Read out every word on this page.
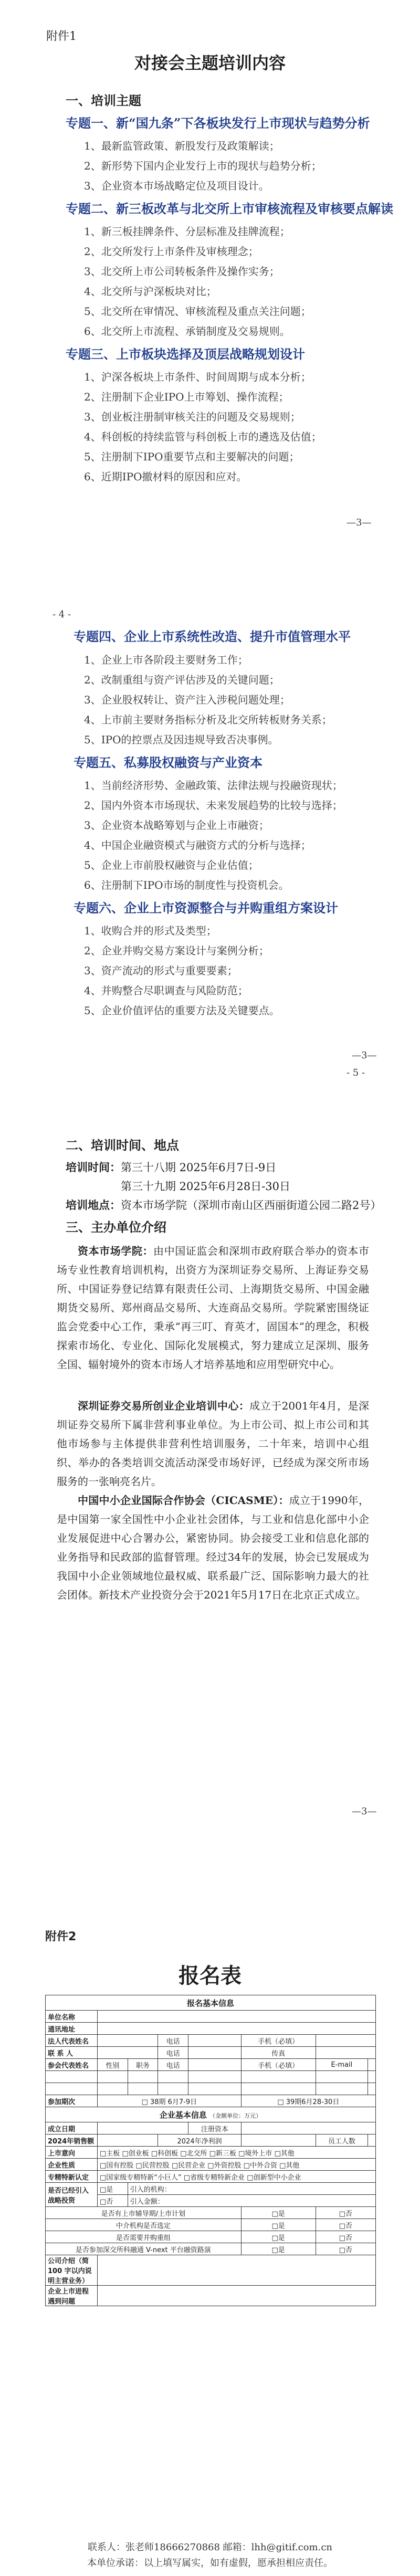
附件1
对接会主题培训内容
一、培训主题
专题一、新“国九条”下各板块发行上市现状与趋势分析
1、最新监管政策、新股发行及政策解读；
2、新形势下国内企业发行上市的现状与趋势分析；
3、企业资本市场战略定位及项目设计。
专题二、新三板改革与北交所上市审核流程及审核要点解读
1、新三板挂牌条件、分层标准及挂牌流程；
2、北交所发行上市条件及审核理念；
3、北交所上市公司转板条件及操作实务；
4、北交所与沪深板块对比；
5、北交所在审情况、审核流程及重点关注问题；
6、北交所上市流程、承销制度及交易规则。
专题三、上市板块选择及顶层战略规划设计
1、沪深各板块上市条件、时间周期与成本分析；
2、注册制下企业IPO上市筹划、操作流程；
3、创业板注册制审核关注的问题及交易规则；
4、科创板的持续监管与科创板上市的遴选及估值；
5、注册制下IPO重要节点和主要解决的问题；
6、近期IPO撤材料的原因和应对。
—3—
- 4 -
专题四、企业上市系统性改造、提升市值管理水平
1、企业上市各阶段主要财务工作；
2、改制重组与资产评估涉及的关键问题；
3、企业股权转让、资产注入涉税问题处理；
4、上市前主要财务指标分析及北交所转板财务关系；
5、IPO的控票点及因违规导致否决事例。
专题五、私募股权融资与产业资本
1、当前经济形势、金融政策、法律法规与投融资现状；
2、国内外资本市场现状、未来发展趋势的比较与选择；
3、企业资本战略筹划与企业上市融资；
4、中国企业融资模式与融资方式的分析与选择；
5、企业上市前股权融资与企业估值；
6、注册制下IPO市场的制度性与投资机会。
专题六、企业上市资源整合与并购重组方案设计
1、收购合并的形式及类型；
2、企业并购交易方案设计与案例分析；
3、资产流动的形式与重要要素；
4、并购整合尽职调查与风险防范；
5、企业价值评估的重要方法及关键要点。
—3—
- 5 -
二、培训时间、地点
培训时间：第三十八期 2025年6月7日-9日
第三十九期 2025年6月28日-30日
培训地点：资本市场学院（深圳市南山区西丽街道公园二路2号）
三、主办单位介绍
资本市场学院：由中国证监会和深圳市政府联合举办的资本市场专业性教育培训机构，出资方为深圳证券交易所、上海证券交易所、中国证券登记结算有限责任公司、上海期货交易所、中国金融期货交易所、郑州商品交易所、大连商品交易所。学院紧密围绕证监会党委中心工作，秉承“再三叮、育英才，固国本”的理念，积极探索市场化、专业化、国际化发展模式，努力建成立足深圳、服务全国、辐射境外的资本市场人才培养基地和应用型研究中心。
深圳证券交易所创业企业培训中心：成立于2001年4月，是深圳证券交易所下属非营利事业单位。为上市公司、拟上市公司和其他市场参与主体提供非营利性培训服务，二十年来，培训中心组织、举办的各类培训交流活动深受市场好评，已经成为深交所市场服务的一张响亮名片。
中国中小企业国际合作协会（CICASME）：成立于1990年，是中国第一家全国性中小企业社会团体，与工业和信息化部中小企业发展促进中心合署办公，紧密协同。协会接受工业和信息化部的业务指导和民政部的监督管理。经过34年的发展，协会已发展成为我国中小企业领域地位最权威、联系最广泛、国际影响力最大的社会团体。新技术产业投资分会于2021年5月17日在北京正式成立。
—3—
附件2
报名表
报名基本信息							
单位名称							
通讯地址							
法人代表姓名			电话		手机（必填）		
联 系 人			电话		传真		
参会代表姓名	性别	职务	电话		手机（必填）	E-mail	

参加期次	□ 38期 6月7-9日				□ 39期6月28-30日		
企业基本信息 （金额单位：万元）							
成立日期				注册资本			
2024年销售额			2024年净利润			员工人数	
上市意向	□主板 □创业板 □科创板 □北交所 □新三板 □境外上市 □其他						
企业性质	□国有控股 □民营控股 □民营企业 □外资控股 □中外合资 □其他						
专精特新认定	□国家级专精特新“小巨人” □省级专精特新企业 □创新型中小企业						
是否已经引入战略投资	□是	引入的机构：					
	□否	引入金额：					
是否有上市辅导期/上市计划					□是	□否	
中介机构是否选定					□是	□否	
是否需要并购重组					□是	□否	
是否参加深交所科融通 V-next 平台融资路演					□是	□否	
公司介绍（简 100 字以内说明主营业务）							
企业上市进程遇到问题							
联系人：张老师18666270868 邮箱：lhh@gitif.com.cn
本单位承诺：以上填写属实，如有虚假，愿承担相应责任。
